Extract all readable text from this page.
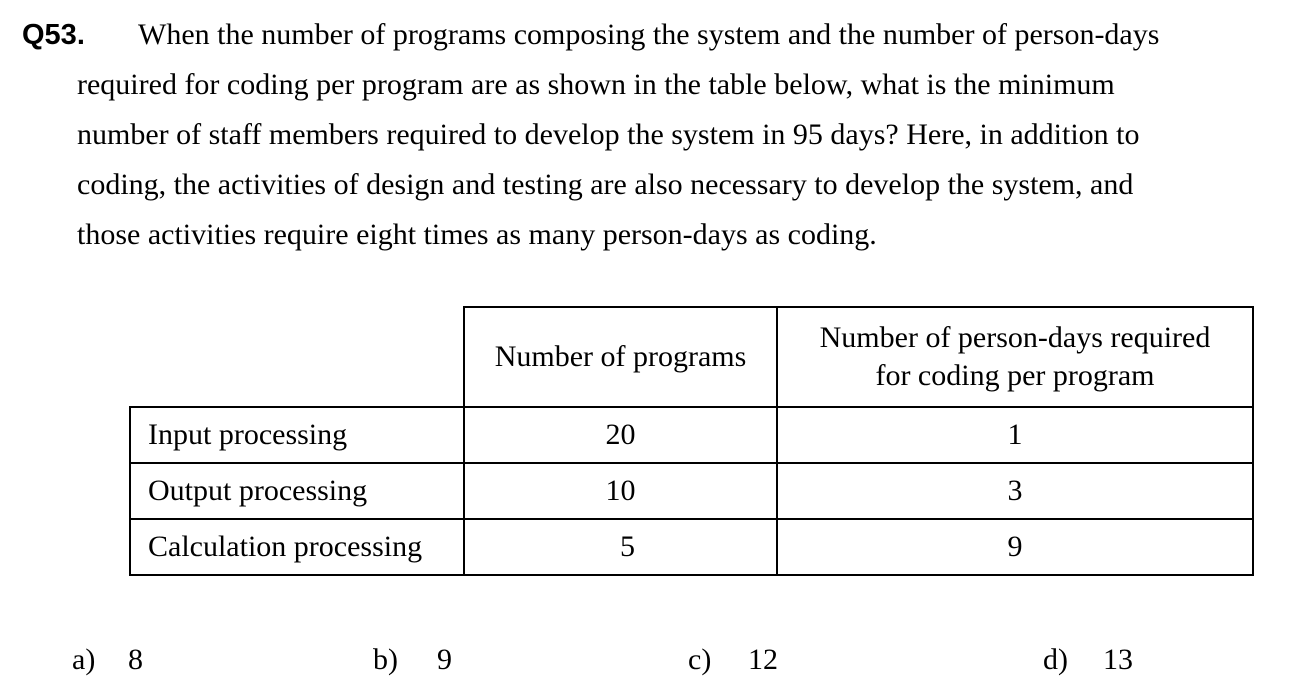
Q53. When the number of programs composing the system and the number of person-days
required for coding per program are as shown in the table below, what is the minimum
number of staff members required to develop the system in 95 days? Here, in addition to
coding, the activities of design and testing are also necessary to develop the system, and
those activities require eight times as many person-days as coding.
	Number of programs	Number of person-days required
for coding per program
Input processing	20	1
Output processing	10	3
Calculation processing	5	9
a) 8	b) 9	c) 12	d) 13
